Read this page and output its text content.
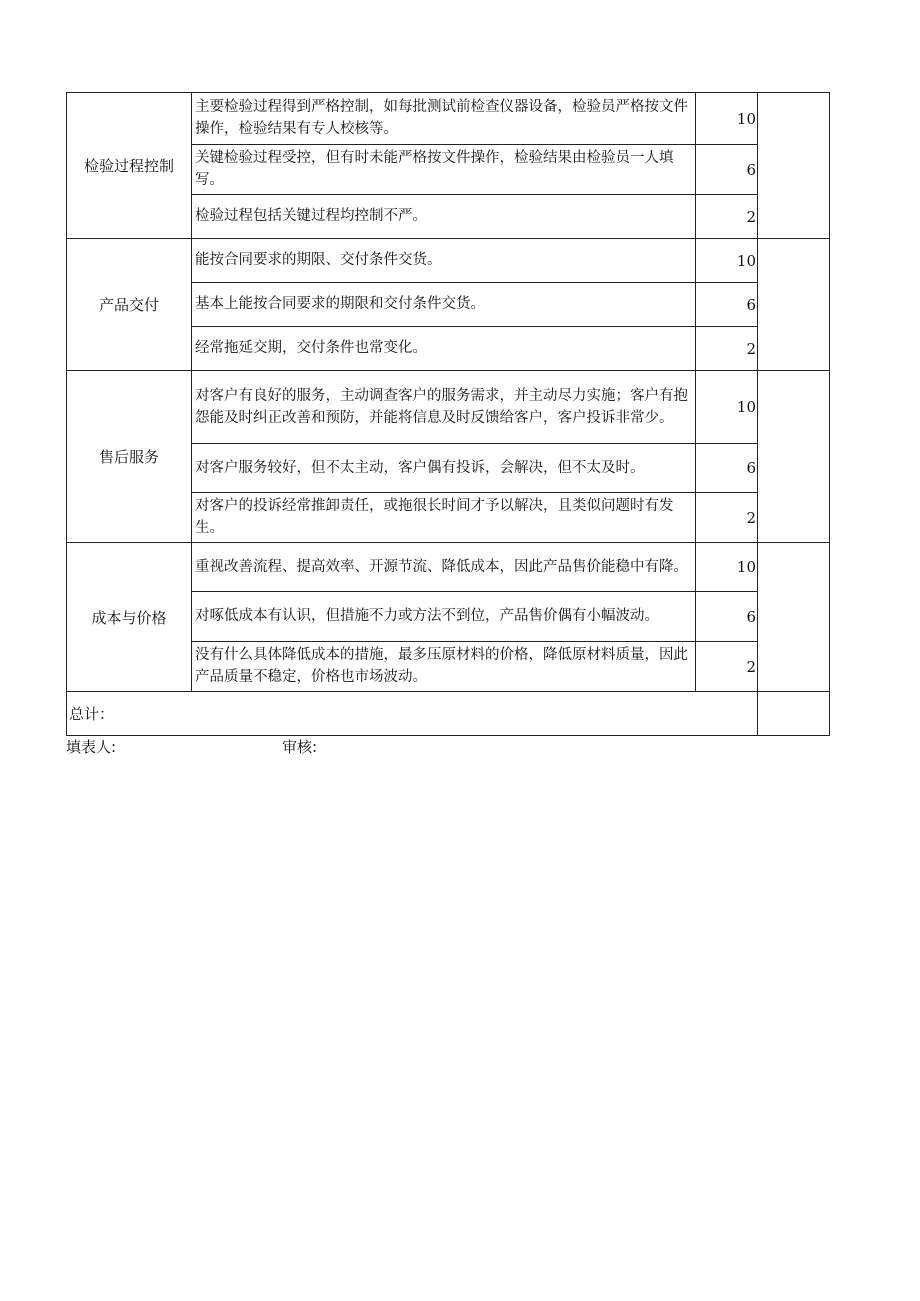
检验过程控制	主要检验过程得到严格控制，如每批测试前检查仪器设备，检验员严格按文件操作，检验结果有专人校核等。	10	
	关键检验过程受控，但有时未能严格按文件操作，检验结果由检验员一人填写。	6	
	检验过程包括关键过程均控制不严。	2	
产品交付	能按合同要求的期限、交付条件交货。	10	
	基本上能按合同要求的期限和交付条件交货。	6	
	经常拖延交期，交付条件也常变化。	2	
售后服务	对客户有良好的服务，主动调查客户的服务需求，并主动尽力实施；客户有抱怨能及时纠正改善和预防，并能将信息及时反馈给客户，客户投诉非常少。	10	
	对客户服务较好，但不太主动，客户偶有投诉，会解决，但不太及时。	6	
	对客户的投诉经常推卸责任，或拖很长时间才予以解决，且类似问题时有发生。	2	
成本与价格	重视改善流程、提高效率、开源节流、降低成本，因此产品售价能稳中有降。	10	
	对啄低成本有认识，但措施不力或方法不到位，产品售价偶有小幅波动。	6	
	没有什么具体降低成本的措施，最多压原材料的价格，降低原材料质量，因此产品质量不稳定，价格也市场波动。	2	
总计：			
填表人:	审核:
